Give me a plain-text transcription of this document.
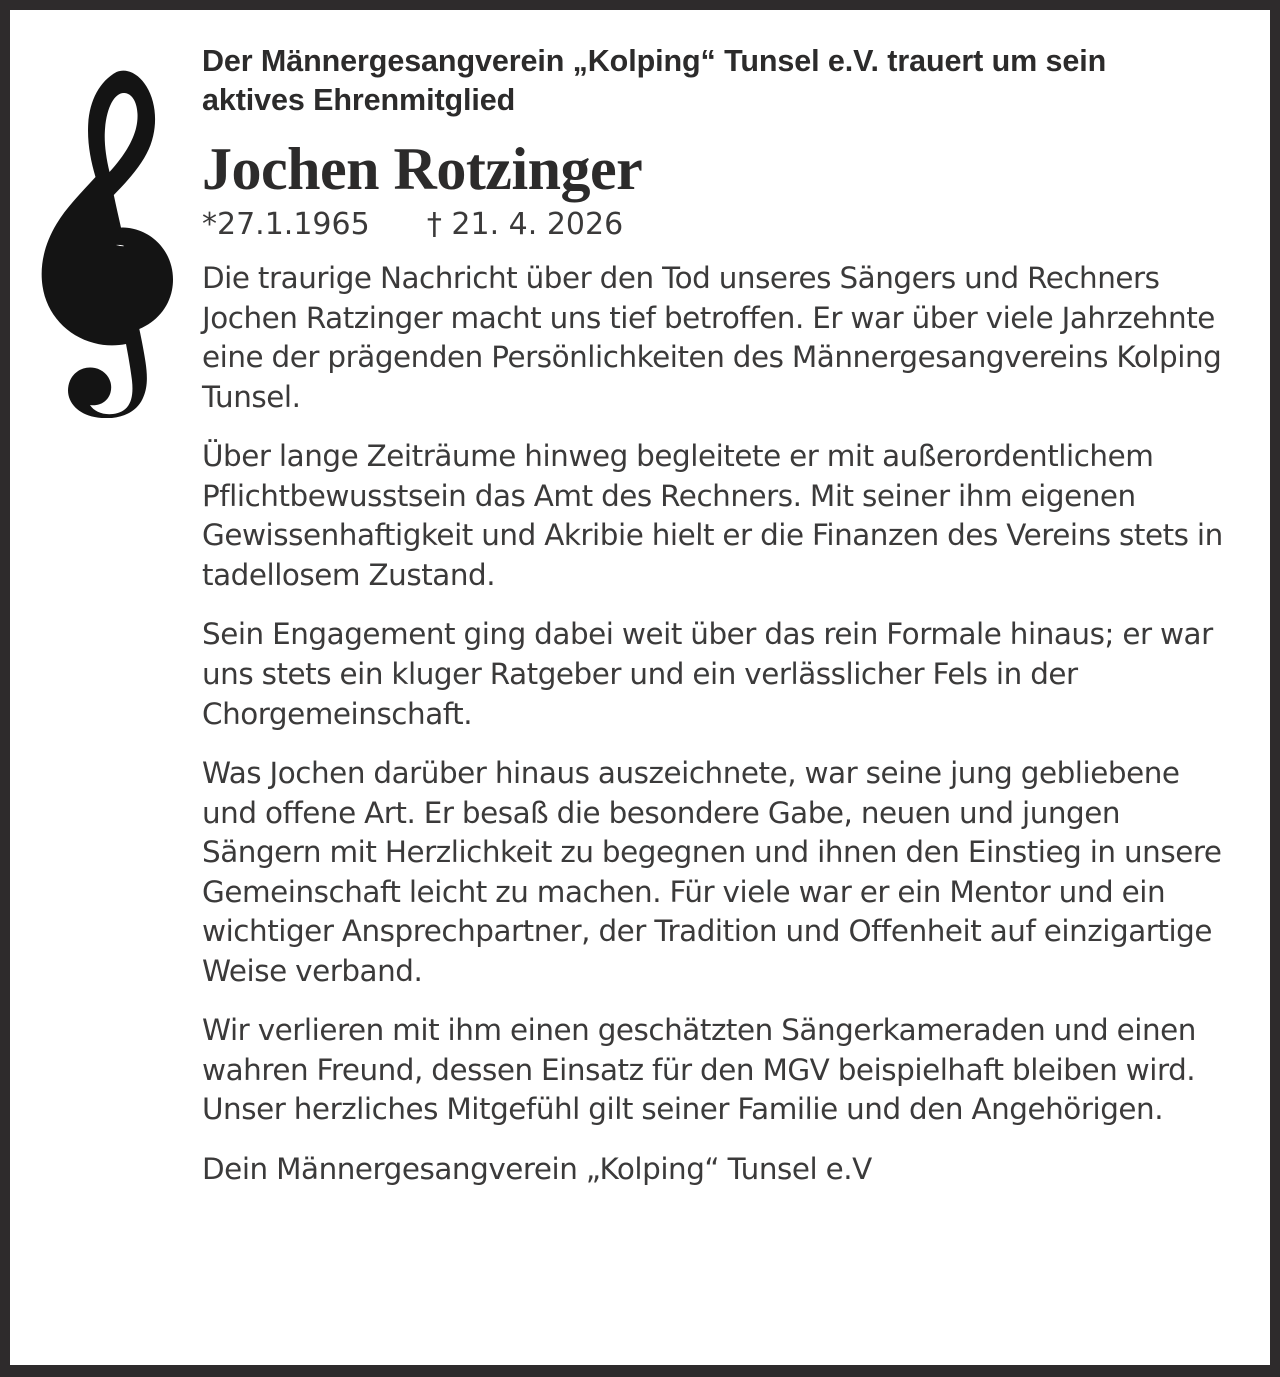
Der Männergesangverein „Kolping“ Tunsel e.V. trauert um sein aktives Ehrenmitglied
Jochen Rotzinger
*27.1.1965      † 21. 4. 2026

Die traurige Nachricht über den Tod unseres Sängers und Rechners Jochen Ratzinger macht uns tief betroffen. Er war über viele Jahrzehnte eine der prägenden Persönlichkeiten des Männergesangvereins Kolping Tunsel.

Über lange Zeiträume hinweg begleitete er mit außerordentlichem Pflichtbewusstsein das Amt des Rechners. Mit seiner ihm eigenen Gewissenhaftigkeit und Akribie hielt er die Finanzen des Vereins stets in tadellosem Zustand.

Sein Engagement ging dabei weit über das rein Formale hinaus; er war uns stets ein kluger Ratgeber und ein verlässlicher Fels in der Chorgemeinschaft.

Was Jochen darüber hinaus auszeichnete, war seine jung gebliebene und offene Art. Er besaß die besondere Gabe, neuen und jungen Sängern mit Herzlichkeit zu begegnen und ihnen den Einstieg in unsere Gemeinschaft leicht zu machen. Für viele war er ein Mentor und ein wichtiger Ansprechpartner, der Tradition und Offenheit auf einzigartige Weise verband.

Wir verlieren mit ihm einen geschätzten Sängerkameraden und einen wahren Freund, dessen Einsatz für den MGV beispielhaft bleiben wird. Unser herzliches Mitgefühl gilt seiner Familie und den Angehörigen.

Dein Männergesangverein „Kolping“ Tunsel e.V
